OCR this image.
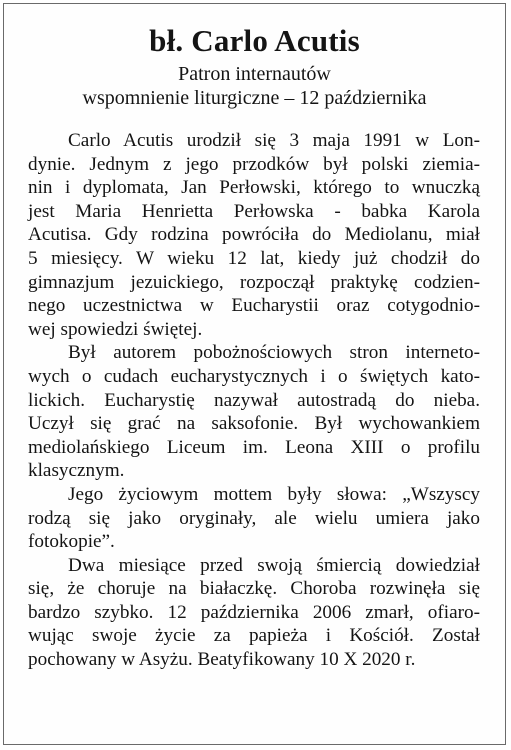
bł. Carlo Acutis

Patron internautów

wspomnienie liturgiczne – 12 października

Carlo Acutis urodził się 3 maja 1991 w Lon-
dynie. Jednym z jego przodków był polski ziemia-
nin i dyplomata, Jan Perłowski, którego to wnuczką
jest Maria Henrietta Perłowska - babka Karola
Acutisa. Gdy rodzina powróciła do Mediolanu, miał
5 miesięcy. W wieku 12 lat, kiedy już chodził do
gimnazjum jezuickiego, rozpoczął praktykę codzien-
nego uczestnictwa w Eucharystii oraz cotygodnio-
wej spowiedzi świętej.
Był autorem pobożnościowych stron internetо-
wych o cudach eucharystycznych i o świętych kato-
lickich. Eucharystię nazywał autostradą do nieba.
Uczył się grać na saksofonie. Był wychowankiem
mediolańskiego Liceum im. Leona XIII o profilu
klasycznym.
Jego życiowym mottem były słowa: „Wszyscy
rodzą się jako oryginały, ale wielu umiera jako
fotokopie”.
Dwa miesiące przed swoją śmiercią dowiedział
się, że choruje na białaczkę. Choroba rozwinęła się
bardzo szybko. 12 października 2006 zmarł, ofiaro-
wując swoje życie za papieża i Kościół. Został
pochowany w Asyżu. Beatyfikowany 10 X 2020 r.
